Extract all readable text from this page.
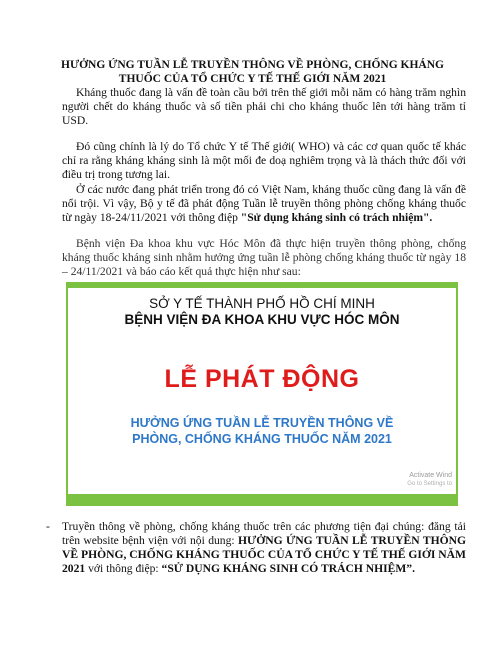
HƯỞNG ỨNG TUẦN LỄ TRUYỀN THÔNG VỀ PHÒNG, CHỐNG KHÁNG
THUỐC CỦA TỔ CHỨC Y TẾ THẾ GIỚI NĂM 2021

Kháng thuốc đang là vấn đề toàn cầu bởi trên thế giới mỗi năm có hàng trăm nghìn người chết do kháng thuốc và số tiền phải chi cho kháng thuốc lên tới hàng trăm tỉ USD.

Đó cũng chính là lý do Tổ chức Y tế Thế giới( WHO) và các cơ quan quốc tế khác chỉ ra rằng kháng kháng sinh là một mối đe doạ nghiêm trọng và là thách thức đối với điều trị trong tương lai.

Ở các nước đang phát triển trong đó có Việt Nam, kháng thuốc cũng đang là vấn đề nổi trội. Vì vậy, Bộ y tế đã phát động Tuần lễ truyền thông phòng chống kháng thuốc từ ngày 18-24/11/2021 với thông điệp "Sử dụng kháng sinh có trách nhiệm".

Bệnh viện Đa khoa khu vực Hóc Môn đã thực hiện truyền thông phòng, chống kháng thuốc kháng sinh nhằm hưởng ứng tuần lễ phòng chống kháng thuốc từ ngày 18 – 24/11/2021 và báo cáo kết quả thực hiện như sau:

SỞ Y TẾ THÀNH PHỐ HỒ CHÍ MINH
BỆNH VIỆN ĐA KHOA KHU VỰC HÓC MÔN
LỄ PHÁT ĐỘNG
HƯỞNG ỨNG TUẦN LỄ TRUYỀN THÔNG VỀ
PHÒNG, CHỐNG KHÁNG THUỐC NĂM 2021
Activate Wind
Go to Settings to
- Truyền thông về phòng, chống kháng thuốc trên các phương tiện đại chúng: đăng tải trên website bệnh viện với nội dung: HƯỞNG ỨNG TUẦN LỄ TRUYỀN THÔNG VỀ PHÒNG, CHỐNG KHÁNG THUỐC CỦA TỔ CHỨC Y TẾ THẾ GIỚI NĂM 2021 với thông điệp: “SỬ DỤNG KHÁNG SINH CÓ TRÁCH NHIỆM”.
